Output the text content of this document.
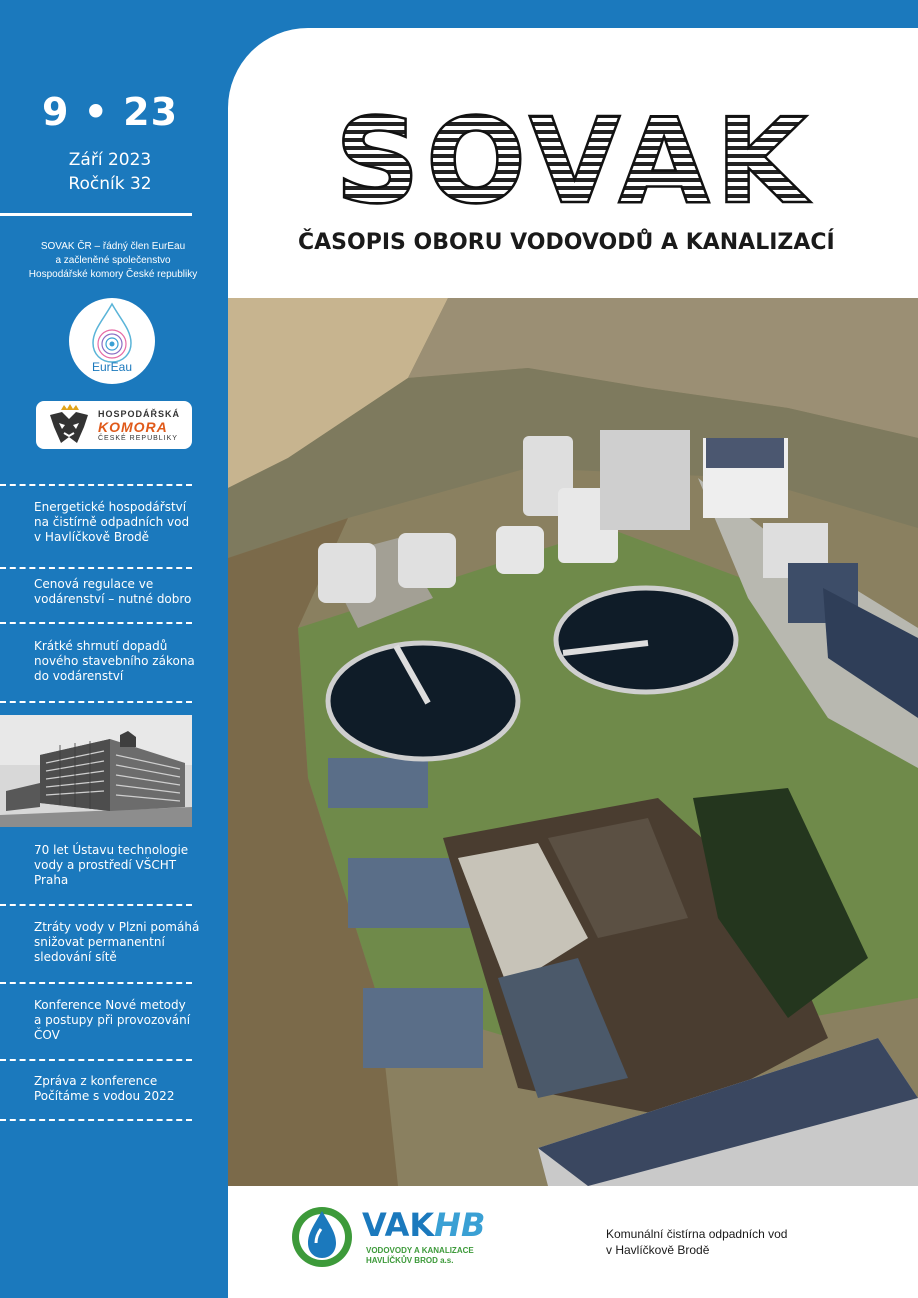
9 • 23
Září 2023
Ročník 32
SOVAK ČR – řádný člen EurEau
a začleněné společenstvo
Hospodářské komory České republiky
EurEau
HOSPODÁŘSKÁ
KOMORA
ČESKÉ REPUBLIKY
Energetické hospodářství
na čistírně odpadních vod
v Havlíčkově Brodě
Cenová regulace ve
vodárenství – nutné dobro
Krátké shrnutí dopadů
nového stavebního zákona
do vodárenství
70 let Ústavu technologie
vody a prostředí VŠCHT
Praha
Ztráty vody v Plzni pomáhá
snižovat permanentní
sledování sítě
Konference Nové metody
a postupy při provozování
ČOV
Zpráva z konference
Počítáme s vodou 2022
SOVAK
ČASOPIS OBORU VODOVODŮ A KANALIZACÍ
VAKHB
VODOVODY A KANALIZACE
HAVLÍČKŮV BROD a.s.
Komunální čistírna odpadních vod
v Havlíčkově Brodě
